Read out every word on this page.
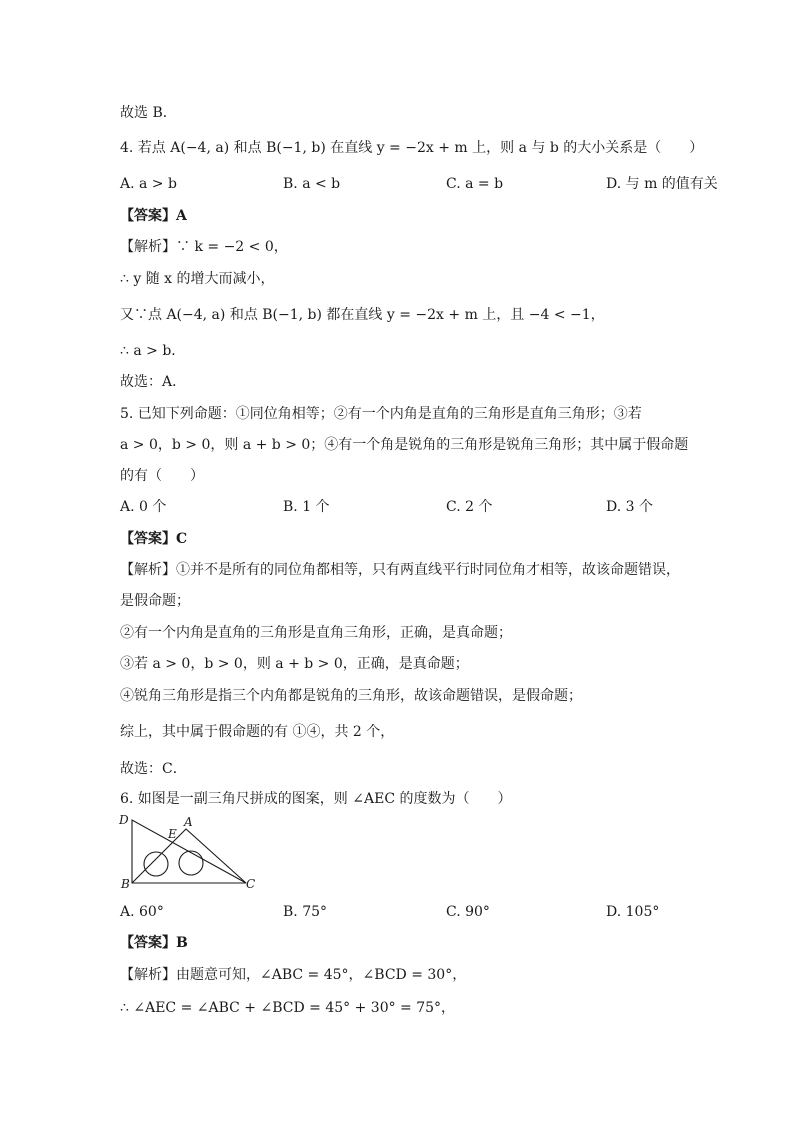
故选 B．
4. 若点 A(−4, a) 和点 B(−1, b) 在直线 y = −2x + m 上，则 a 与 b 的大小关系是（　　）
A. a > b	B. a < b	C. a = b	D. 与 m 的值有关
【答案】A
【解析】∵ k = −2 < 0，
∴ y 随 x 的增大而减小，
又∵点 A(−4, a) 和点 B(−1, b) 都在直线 y = −2x + m 上，且 −4 < −1，
∴ a > b．
故选：A．
5. 已知下列命题：①同位角相等；②有一个内角是直角的三角形是直角三角形；③若
a > 0，b > 0，则 a + b > 0；④有一个角是锐角的三角形是锐角三角形；其中属于假命题
的有（　　）
A. 0 个	B. 1 个	C. 2 个	D. 3 个
【答案】C
【解析】①并不是所有的同位角都相等，只有两直线平行时同位角才相等，故该命题错误，
是假命题；
②有一个内角是直角的三角形是直角三角形，正确，是真命题；
③若 a > 0，b > 0，则 a + b > 0，正确，是真命题；
④锐角三角形是指三个内角都是锐角的三角形，故该命题错误，是假命题；
综上，其中属于假命题的有 ①④，共 2 个，
故选：C．
6. 如图是一副三角尺拼成的图案，则 ∠AEC 的度数为（　　）
D	A
E
B	C
A. 60°	B. 75°	C. 90°	D. 105°
【答案】B
【解析】由题意可知，∠ABC = 45°，∠BCD = 30°，
∴ ∠AEC = ∠ABC + ∠BCD = 45° + 30° = 75°，
